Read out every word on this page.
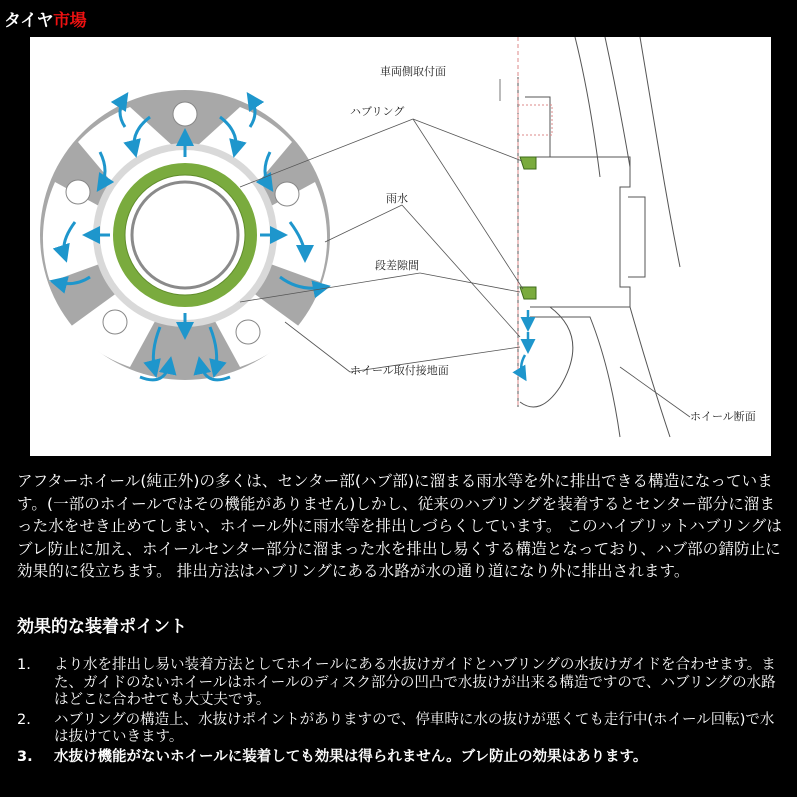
タイヤ市場
車両側取付面
ハブリング
雨水
段差隙間
ホイール取付接地面
ホイール断面

アフターホイール(純正外)の多くは、センター部(ハブ部)に溜まる雨水等を外に排出できる構造になっています。(一部のホイールではその機能がありません)しかし、従来のハブリングを装着するとセンター部分に溜まった水をせき止めてしまい、ホイール外に雨水等を排出しづらくしています。 このハイブリットハブリングはブレ防止に加え、ホイールセンター部分に溜まった水を排出し易くする構造となっており、ハブ部の錆防止に効果的に役立ちます。 排出方法はハブリングにある水路が水の通り道になり外に排出されます。

効果的な装着ポイント
1. より水を排出し易い装着方法としてホイールにある水抜けガイドとハブリングの水抜けガイドを合わせます。また、ガイドのないホイールはホイールのディスク部分の凹凸で水抜けが出来る構造ですので、ハブリングの水路はどこに合わせても大丈夫です。
2. ハブリングの構造上、水抜けポイントがありますので、停車時に水の抜けが悪くても走行中(ホイール回転)で水は抜けていきます。
3. 水抜け機能がないホイールに装着しても効果は得られません。ブレ防止の効果はあります。
